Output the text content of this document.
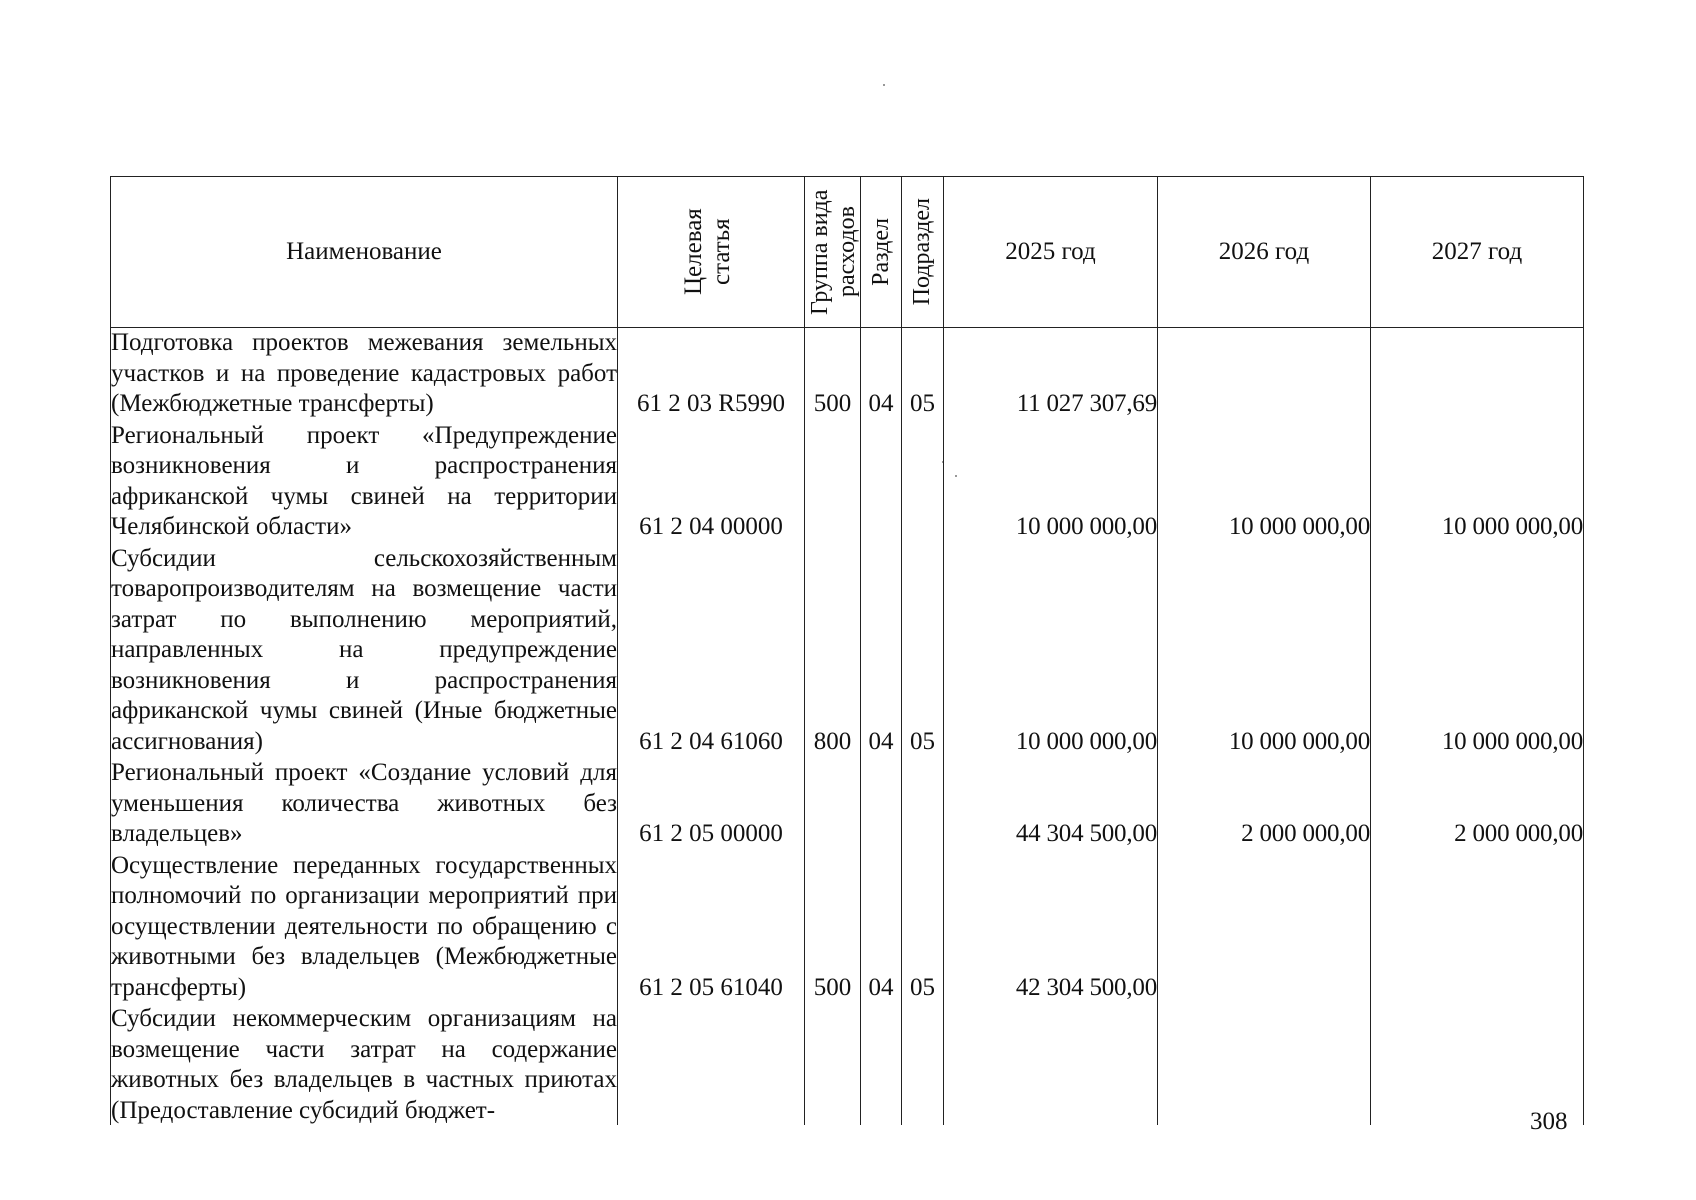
Наименование	Целевая статья	Группа вида расходов	Раздел	Подраздел	2025 год	2026 год	2027 год
Подготовка проектов межевания земельных участков и на проведение кадастровых работ (Межбюджетные трансферты)	61 2 03 R5990	500	04	05	11 027 307,69		
Региональный проект «Предупреждение возникновения и распространения африканской чумы свиней на территории Челябинской области»	61 2 04 00000				10 000 000,00	10 000 000,00	10 000 000,00
Субсидии сельскохозяйственным товаропроизводителям на возмещение части затрат по выполнению мероприятий, направленных на предупреждение возникновения и распространения африканской чумы свиней (Иные бюджетные ассигнования)	61 2 04 61060	800	04	05	10 000 000,00	10 000 000,00	10 000 000,00
Региональный проект «Создание условий для уменьшения количества животных без владельцев»	61 2 05 00000				44 304 500,00	2 000 000,00	2 000 000,00
Осуществление переданных государственных полномочий по организации мероприятий при осуществлении деятельности по обращению с животными без владельцев (Межбюджетные трансферты)	61 2 05 61040	500	04	05	42 304 500,00		

Субсидии некоммерческим организациям на возмещение части затрат на содержание животных без владельцев в частных приютах (Предоставление субсидий бюджет-							
								308
